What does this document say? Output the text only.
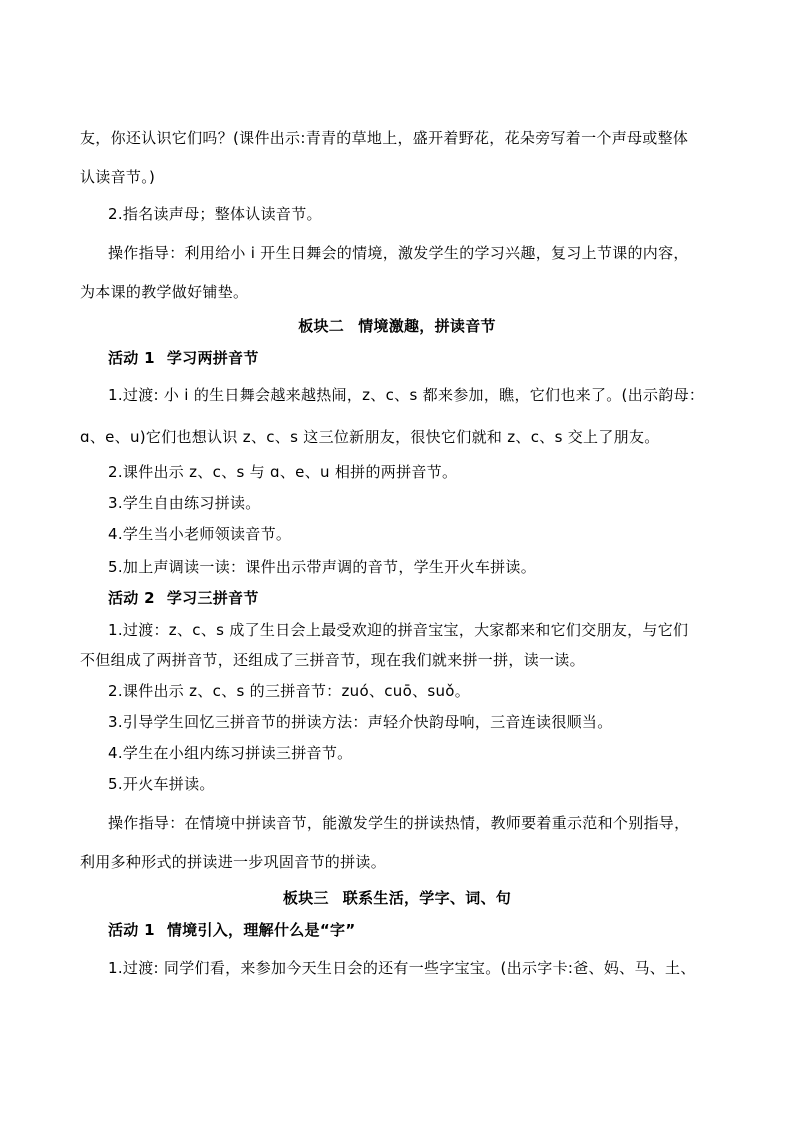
友，你还认识它们吗？(课件出示:青青的草地上，盛开着野花，花朵旁写着一个声母或整体
认读音节。)
2.指名读声母；整体认读音节。
操作指导：利用给小 i 开生日舞会的情境，激发学生的学习兴趣，复习上节课的内容，
为本课的教学做好铺垫。
板块二 情境激趣，拼读音节
活动 1 学习两拼音节
1.过渡: 小 i 的生日舞会越来越热闹，z、c、s 都来参加，瞧，它们也来了。(出示韵母：
ɑ、e、u)它们也想认识 z、c、s 这三位新朋友，很快它们就和 z、c、s 交上了朋友。
2.课件出示 z、c、s 与 ɑ、e、u 相拼的两拼音节。
3.学生自由练习拼读。
4.学生当小老师领读音节。
5.加上声调读一读：课件出示带声调的音节，学生开火车拼读。
活动 2 学习三拼音节
1.过渡：z、c、s 成了生日会上最受欢迎的拼音宝宝，大家都来和它们交朋友，与它们
不但组成了两拼音节，还组成了三拼音节，现在我们就来拼一拼，读一读。
2.课件出示 z、c、s 的三拼音节：zuó、cuō、suǒ。
3.引导学生回忆三拼音节的拼读方法：声轻介快韵母响，三音连读很顺当。
4.学生在小组内练习拼读三拼音节。
5.开火车拼读。
操作指导：在情境中拼读音节，能激发学生的拼读热情，教师要着重示范和个别指导，
利用多种形式的拼读进一步巩固音节的拼读。
板块三 联系生活，学字、词、句
活动 1 情境引入，理解什么是“字”
1.过渡: 同学们看，来参加今天生日会的还有一些字宝宝。(出示字卡:爸、妈、马、土、
